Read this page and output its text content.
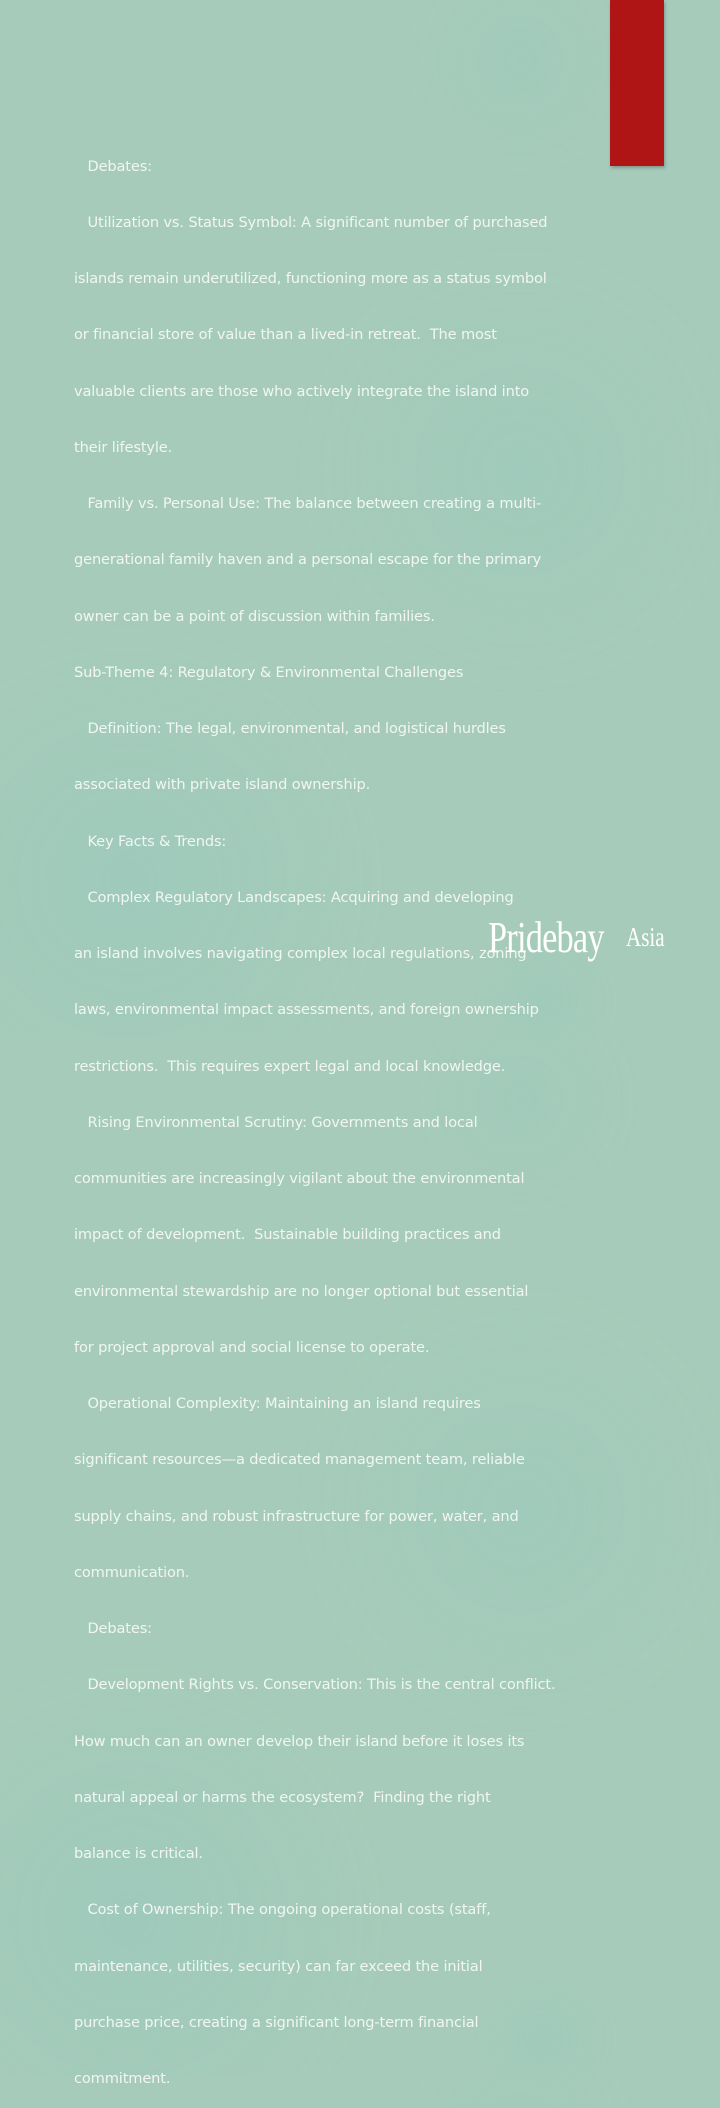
Debates:

Utilization vs. Status Symbol: A significant number of purchased

islands remain underutilized, functioning more as a status symbol

or financial store of value than a lived-in retreat.  The most

valuable clients are those who actively integrate the island into

their lifestyle.

Family vs. Personal Use: The balance between creating a multi-

generational family haven and a personal escape for the primary

owner can be a point of discussion within families.

Sub-Theme 4: Regulatory & Environmental Challenges

Definition: The legal, environmental, and logistical hurdles

associated with private island ownership.

Key Facts & Trends:

Complex Regulatory Landscapes: Acquiring and developing

an island involves navigating complex local regulations, zoning

laws, environmental impact assessments, and foreign ownership

restrictions.  This requires expert legal and local knowledge.

Rising Environmental Scrutiny: Governments and local

communities are increasingly vigilant about the environmental

impact of development.  Sustainable building practices and

environmental stewardship are no longer optional but essential

for project approval and social license to operate.

Operational Complexity: Maintaining an island requires

significant resources—a dedicated management team, reliable

supply chains, and robust infrastructure for power, water, and

communication.

Debates:

Development Rights vs. Conservation: This is the central conflict.

How much can an owner develop their island before it loses its

natural appeal or harms the ecosystem?  Finding the right

balance is critical.

Cost of Ownership: The ongoing operational costs (staff,

maintenance, utilities, security) can far exceed the initial

purchase price, creating a significant long-term financial

commitment.

Pridebay Asia
